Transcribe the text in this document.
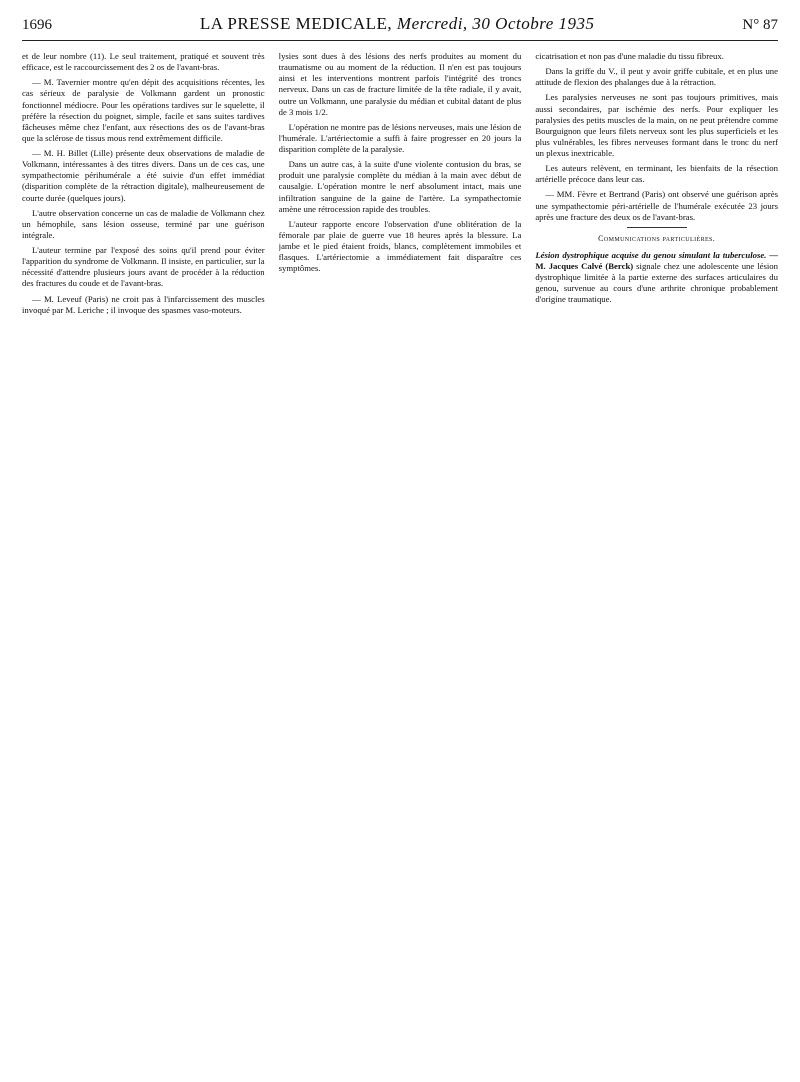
1696	LA PRESSE MEDICALE, Mercredi, 30 Octobre 1935	N° 87

et de leur nombre (11). Le seul traitement, pratiqué et souvent très efficace, est le raccourcissement des 2 os de l'avant-bras.

— M. Tavernier montre qu'en dépit des acquisitions récentes, les cas sérieux de paralysie de Volkmann gardent un pronostic fonctionnel médiocre. Pour les opérations tardives sur le squelette, il préfère la résection du poignet, simple, facile et sans suites tardives fâcheuses même chez l'enfant, aux résections des os de l'avant-bras que la sclérose de tissus mous rend extrêmement difficile.

— M. H. Billet (Lille) présente deux observations de maladie de Volkmann, intéressantes à des titres divers. Dans un de ces cas, une sympathectomie périhumérale a été suivie d'un effet immédiat (disparition complète de la rétraction digitale), malheureusement de courte durée (quelques jours).

L'autre observation concerne un cas de maladie de Volkmann chez un hémophile, sans lésion osseuse, terminé par une guérison intégrale.

L'auteur termine par l'exposé des soins qu'il prend pour éviter l'apparition du syndrome de Volkmann. Il insiste, en particulier, sur la nécessité d'attendre plusieurs jours avant de procéder à la réduction des fractures du coude et de l'avant-bras.

— M. Leveuf (Paris) ne croit pas à l'infarcissement des muscles invoqué par M. Leriche ; il invoque des spasmes vaso-moteurs.

lysies sont dues à des lésions des nerfs produites au moment du traumatisme ou au moment de la réduction. Il n'en est pas toujours ainsi et les interventions montrent parfois l'intégrité des troncs nerveux. Dans un cas de fracture limitée de la tête radiale, il y avait, outre un Volkmann, une paralysie du médian et cubital datant de plus de 3 mois 1/2.

L'opération ne montre pas de lésions nerveuses, mais une lésion de l'humérale. L'artériectomie a suffi à faire progresser en 20 jours la disparition complète de la paralysie.

Dans un autre cas, à la suite d'une violente contusion du bras, se produit une paralysie complète du médian à la main avec début de causalgie. L'opération montre le nerf absolument intact, mais une infiltration sanguine de la gaine de l'artère. La sympathectomie amène une rétrocession rapide des troubles.

L'auteur rapporte encore l'observation d'une oblitération de la fémorale par plaie de guerre vue 18 heures après la blessure. La jambe et le pied étaient froids, blancs, complètement immobiles et flasques. L'artériectomie a immédiatement fait disparaître ces symptômes.

cicatrisation et non pas d'une maladie du tissu fibreux.

Dans la griffe du V., il peut y avoir griffe cubitale, et en plus une attitude de flexion des phalanges due à la rétraction.

Les paralysies nerveuses ne sont pas toujours primitives, mais aussi secondaires, par ischémie des nerfs. Pour expliquer les paralysies des petits muscles de la main, on ne peut prétendre comme Bourguignon que leurs filets nerveux sont les plus superficiels et les plus vulnérables, les fibres nerveuses formant dans le tronc du nerf un plexus inextricable.

Les auteurs relèvent, en terminant, les bienfaits de la résection artérielle précoce dans leur cas.

— MM. Fèvre et Bertrand (Paris) ont observé une guérison après une sympathectomie péri-artérielle de l'humérale exécutée 23 jours après une fracture des deux os de l'avant-bras.

Communications particulières.

Lésion dystrophique acquise du genou simulant la tuberculose. — M. Jacques Calvé (Berck) signale chez une adolescente une lésion dystrophique limitée à la partie externe des surfaces articulaires du genou, survenue au cours d'une arthrite chronique probablement d'origine traumatique.
